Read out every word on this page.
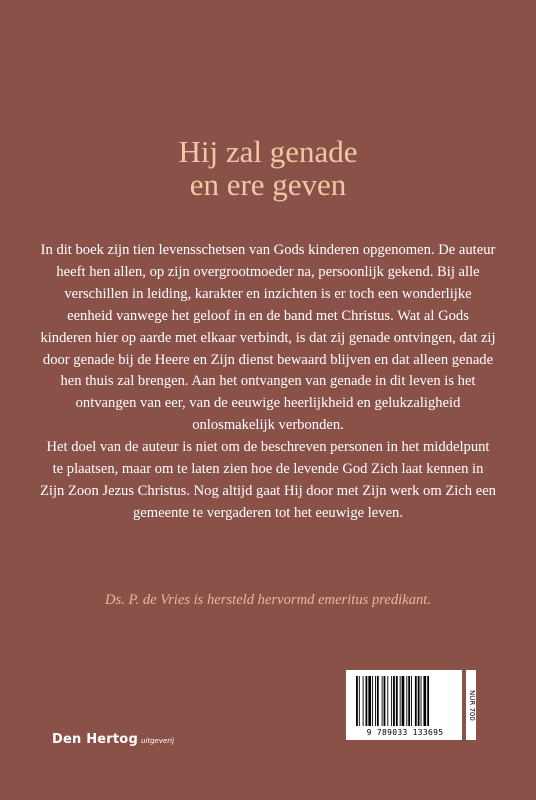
Hij zal genade
en ere geven

In dit boek zijn tien levensschetsen van Gods kinderen opgenomen. De auteur heeft hen allen, op zijn overgrootmoeder na, persoonlijk gekend. Bij alle verschillen in leiding, karakter en inzichten is er toch een wonderlijke eenheid vanwege het geloof in en de band met Christus. Wat al Gods kinderen hier op aarde met elkaar verbindt, is dat zij genade ontvingen, dat zij door genade bij de Heere en Zijn dienst bewaard blijven en dat alleen genade hen thuis zal brengen. Aan het ontvangen van genade in dit leven is het ontvangen van eer, van de eeuwige heerlijkheid en gelukzaligheid onlosmakelijk verbonden.

Het doel van de auteur is niet om de beschreven personen in het middelpunt te plaatsen, maar om te laten zien hoe de levende God Zich laat kennen in Zijn Zoon Jezus Christus. Nog altijd gaat Hij door met Zijn werk om Zich een gemeente te vergaderen tot het eeuwige leven.

Ds. P. de Vries is hersteld hervormd emeritus predikant.
Den Hertog uitgeverij
9 789033 133695
NUR 700
